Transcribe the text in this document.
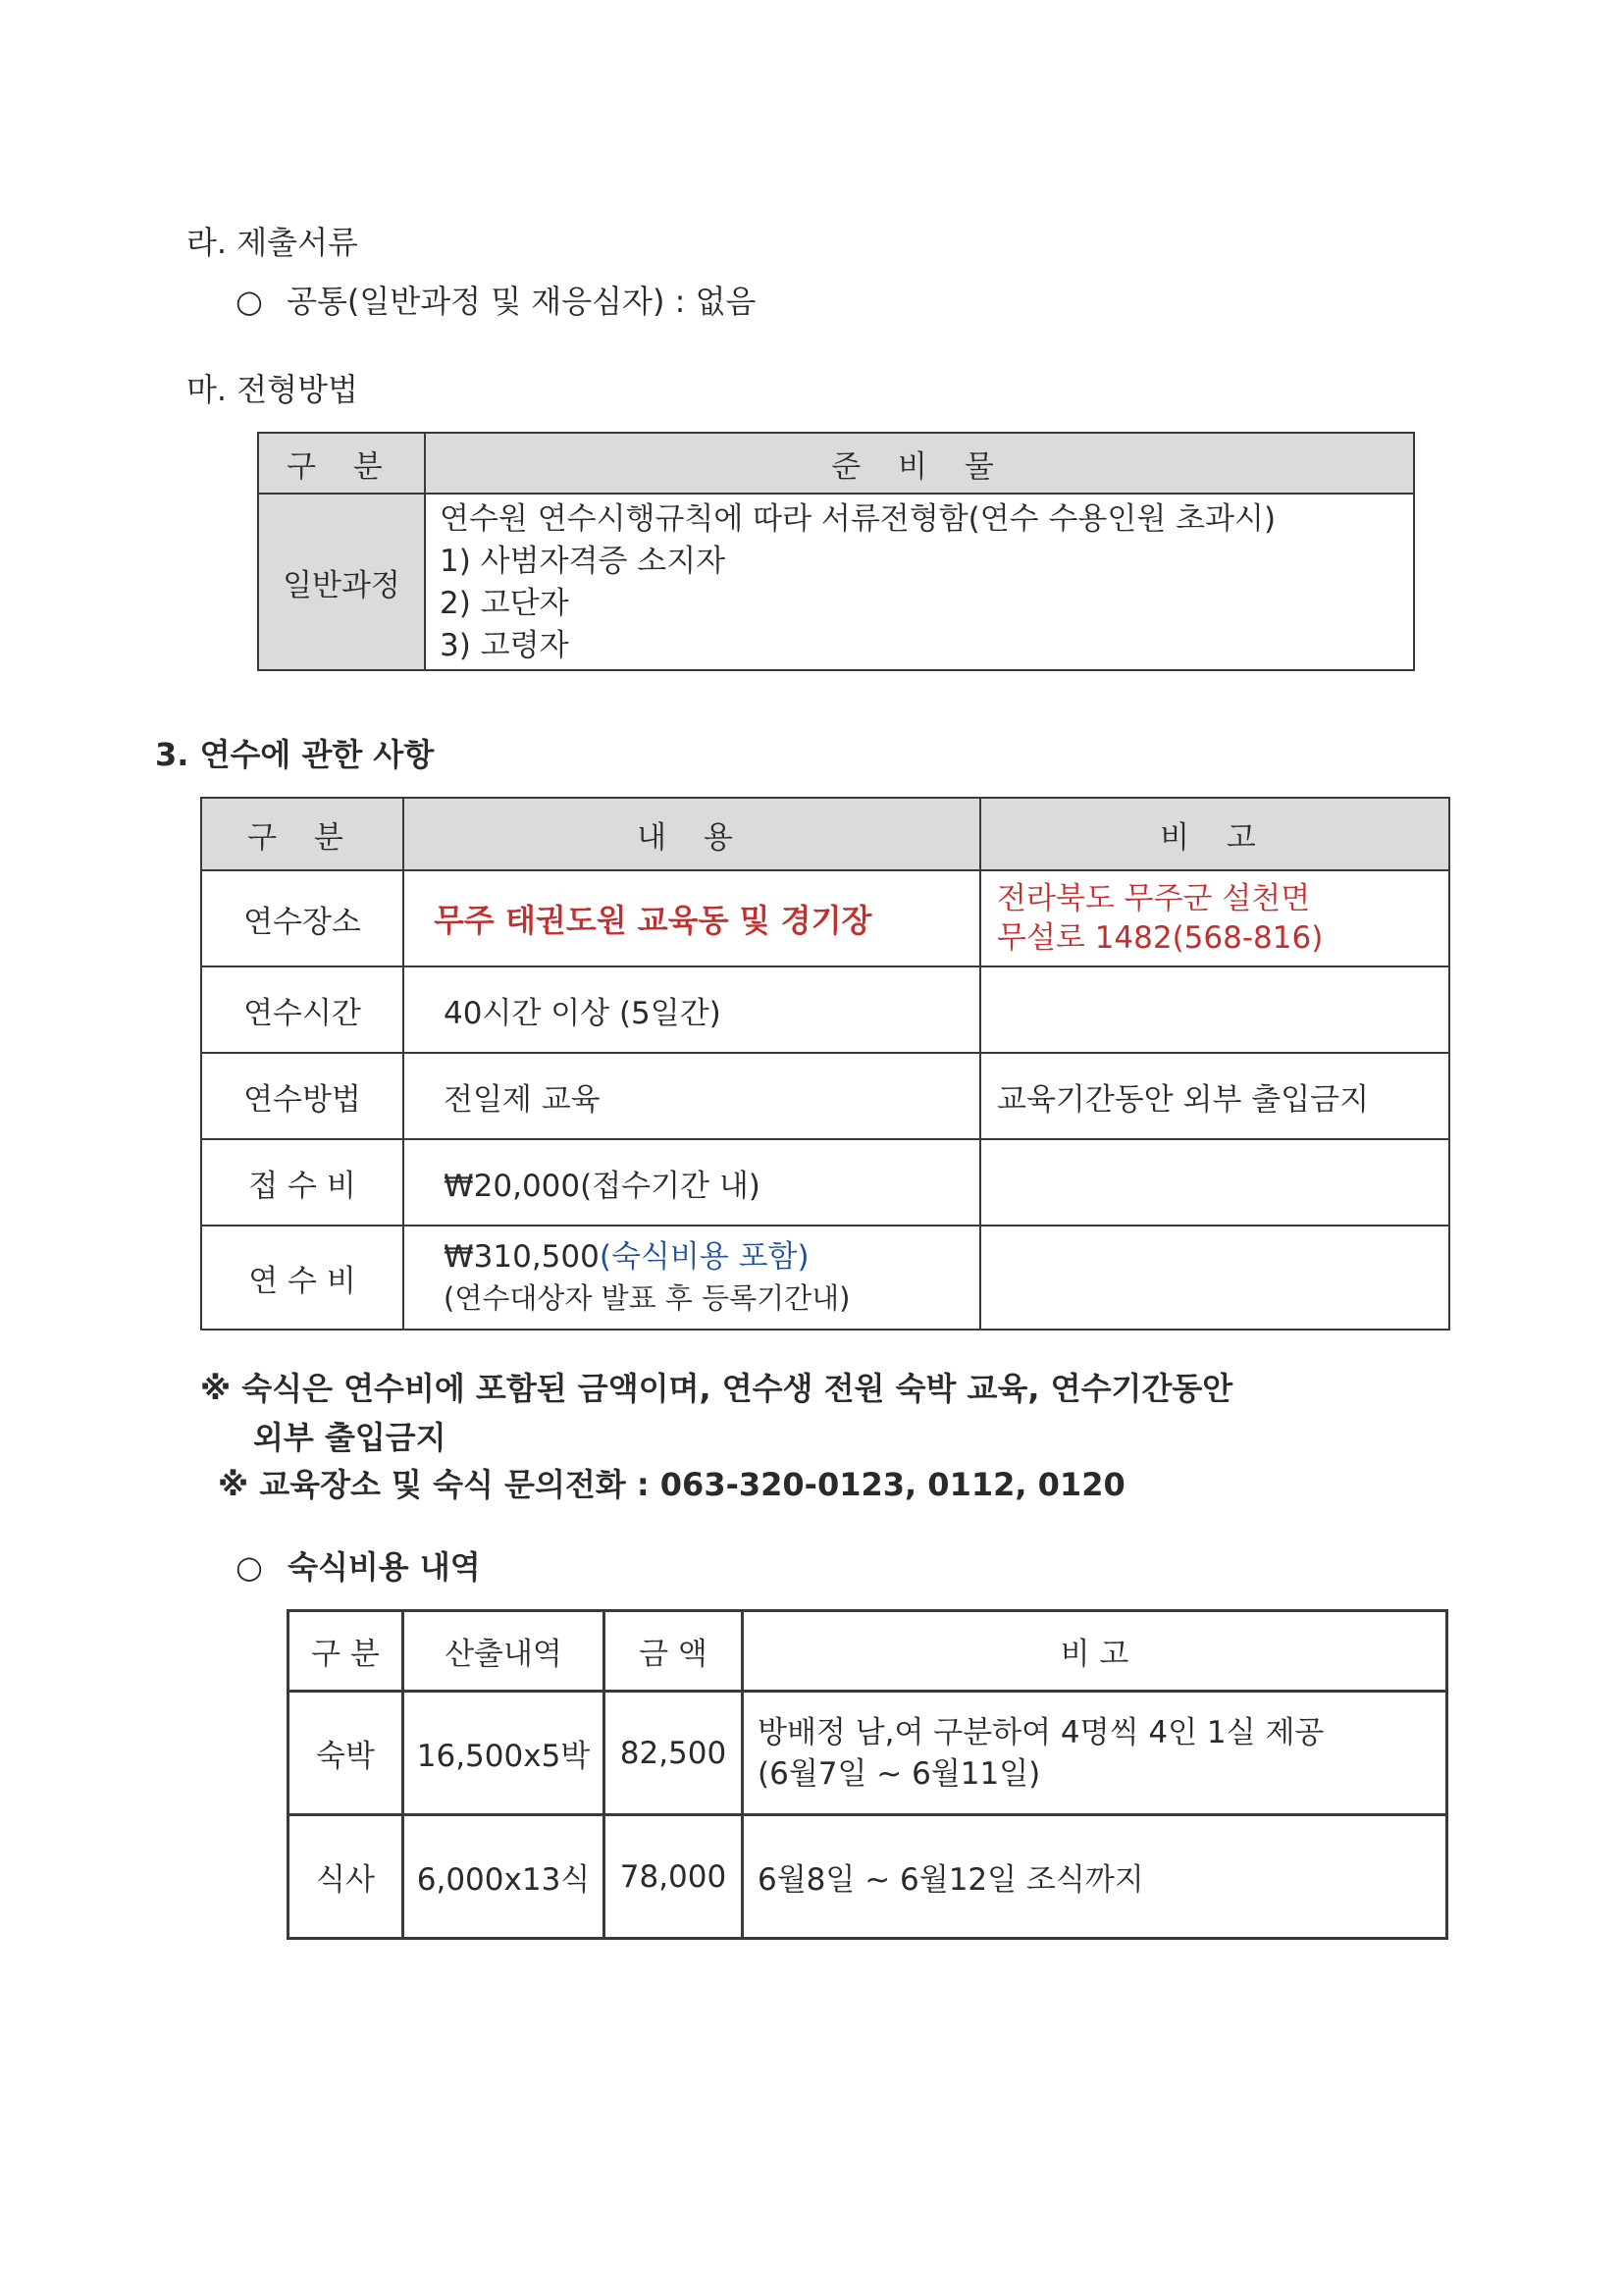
라. 제출서류
○ 공통(일반과정 및 재응심자) : 없음
마. 전형방법
구 분	준 비 물
일반과정	연수원 연수시행규칙에 따라 서류전형함(연수 수용인원 초과시)
1) 사범자격증 소지자
2) 고단자
3) 고령자
3. 연수에 관한 사항
구 분	내 용	비 고
연수장소	무주 태권도원 교육동 및 경기장	전라북도 무주군 설천면
무설로 1482(568-816)

연수시간	40시간 이상 (5일간)	
연수방법	전일제 교육	교육기간동안 외부 출입금지
접 수 비	₩20,000(접수기간 내)	
연 수 비	₩310,500(숙식비용 포함)
(연수대상자 발표 후 등록기간내)	

※ 숙식은 연수비에 포함된 금액이며, 연수생 전원 숙박 교육, 연수기간동안
외부 출입금지
※ 교육장소 및 숙식 문의전화 : 063-320-0123, 0112, 0120
○ 숙식비용 내역
구 분	산출내역	금 액	비 고
숙박	16,500x5박	82,500	방배정 남,여 구분하여 4명씩 4인 1실 제공
(6월7일 ~ 6월11일)

식사	6,000x13식	78,000	6월8일 ~ 6월12일 조식까지
